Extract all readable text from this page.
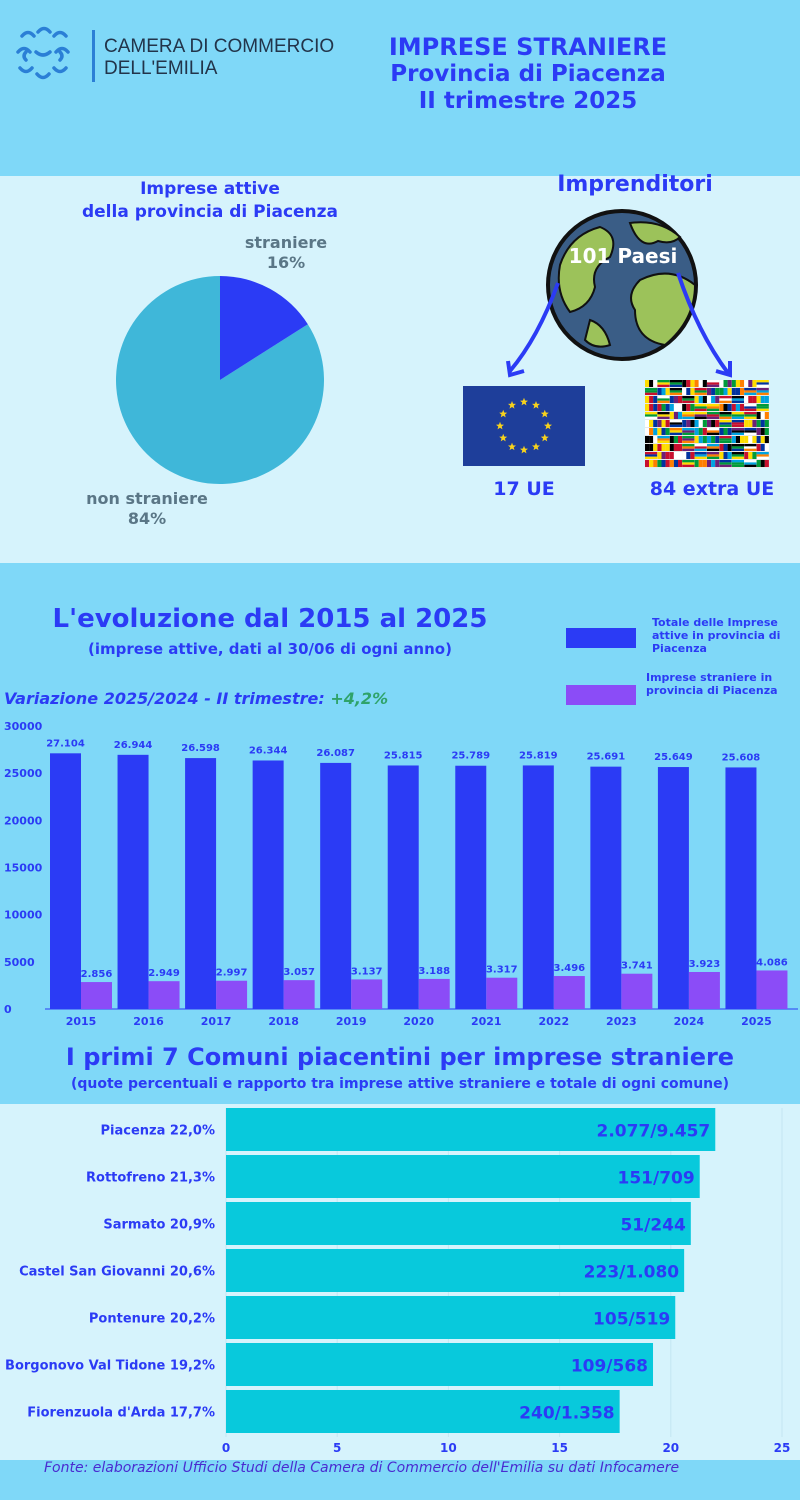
CAMERA DI COMMERCIO
DELL'EMILIA
IMPRESE STRANIERE
Provincia di Piacenza
II trimestre 2025
Imprese attive
della provincia di Piacenza
straniere
16%
non straniere
84%
Imprenditori
101 Paesi
17 UE	84 extra UE
L'evoluzione dal 2015 al 2025
(imprese attive, dati al 30/06 di ogni anno)
Variazione 2025/2024 - II trimestre: +4,2%
Totale delle Imprese attive in provincia di Piacenza
Imprese straniere in provincia di Piacenza
0
5000
10000
15000
20000
25000
30000
27.104
2.856
2015
26.944
2.949
2016
26.598
2.997
2017
26.344
3.057
2018
26.087
3.137
2019
25.815
3.188
2020
25.789
3.317
2021
25.819
3.496
2022
25.691
3.741
2023
25.649
3.923
2024
25.608
4.086
2025
I primi 7 Comuni piacentini per imprese straniere
(quote percentuali e rapporto tra imprese attive straniere e totale di ogni comune)
0	5	10	15	20	25
Piacenza 22,0%	2.077/9.457
Rottofreno 21,3%	151/709
Sarmato 20,9%	51/244
Castel San Giovanni 20,6%	223/1.080
Pontenure 20,2%	105/519
Borgonovo Val Tidone 19,2%	109/568
Fiorenzuola d'Arda 17,7%	240/1.358
Fonte: elaborazioni Ufficio Studi della Camera di Commercio dell'Emilia su dati Infocamere
